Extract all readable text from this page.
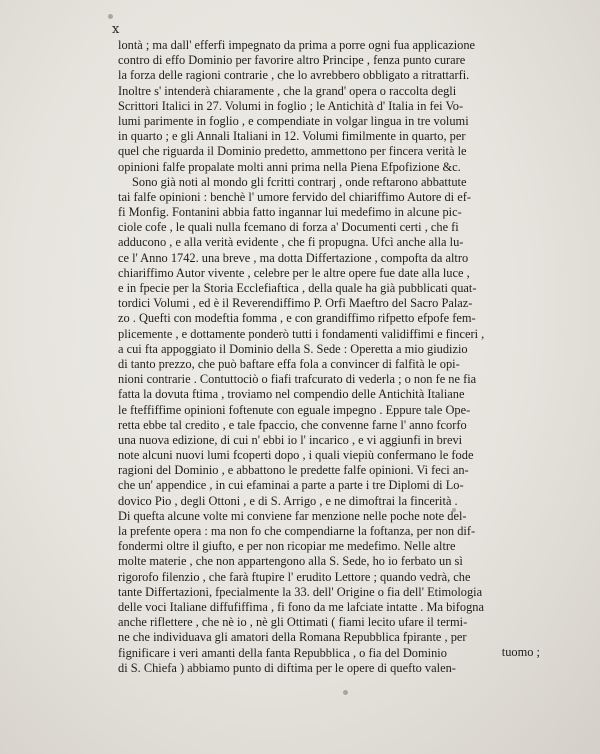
x
lontà ; ma dall' efferfi impegnato da prima a porre ogni fua applicazione
contro di effo Dominio per favorire altro Principe , fenza punto curare
la forza delle ragioni contrarie , che lo avrebbero obbligato a ritrattarfi.
Inoltre s' intenderà chiaramente , che la grand' opera o raccolta degli
Scrittori Italici in 27. Volumi in foglio ; le Antichità d' Italia in fei Vo-
lumi parimente in foglio , e compendiate in volgar lingua in tre volumi
in quarto ; e gli Annali Italiani in 12. Volumi fimilmente in quarto, per
quel che riguarda il Dominio predetto, ammettono per fincera verità le
opinioni falfe propalate molti anni prima nella Piena Efpofizione &c.
Sono già noti al mondo gli fcritti contrarj , onde reftarono abbattute
tai falfe opinioni : benchè l' umore fervido del chiariffimo Autore di ef-
fi Monfig. Fontanini abbia fatto ingannar lui medefimo in alcune pic-
ciole cofe , le quali nulla fcemano di forza a' Documenti certi , che fi
adducono , e alla verità evidente , che fi propugna. Ufcì anche alla lu-
ce l' Anno 1742. una breve , ma dotta Differtazione , compofta da altro
chiariffimo Autor vivente , celebre per le altre opere fue date alla luce ,
e in fpecie per la Storia Ecclefiaftica , della quale ha già pubblicati quat-
tordici Volumi , ed è il Reverendiffimo P. Orfi Maeftro del Sacro Palaz-
zo . Quefti con modeftia fomma , e con grandiffimo rifpetto efpofe fem-
plicemente , e dottamente ponderò tutti i fondamenti validiffimi e finceri ,
a cui fta appoggiato il Dominio della S. Sede : Operetta a mio giudizio
di tanto prezzo, che può baftare effa fola a convincer di falfità le opi-
nioni contrarie . Contuttociò o fiafi trafcurato di vederla ; o non fe ne fia
fatta la dovuta ftima , troviamo nel compendio delle Antichità Italiane
le fteffiffime opinioni foftenute con eguale impegno . Eppure tale Ope-
retta ebbe tal credito , e tale fpaccio, che convenne farne l' anno fcorfo
una nuova edizione, di cui n' ebbi io l' incarico , e vi aggiunfi in brevi
note alcuni nuovi lumi fcoperti dopo , i quali viepiù confermano le fode
ragioni del Dominio , e abbattono le predette falfe opinioni. Vi feci an-
che un' appendice , in cui efaminai a parte a parte i tre Diplomi di Lo-
dovico Pio , degli Ottoni , e di S. Arrigo , e ne dimoftrai la fincerità .
Di quefta alcune volte mi conviene far menzione nelle poche note del-
la prefente opera : ma non fo che compendiarne la foftanza, per non dif-
fondermi oltre il giufto, e per non ricopiar me medefimo. Nelle altre
molte materie , che non appartengono alla S. Sede, ho io ferbato un sì
rigorofo filenzio , che farà ftupire l' erudito Lettore ; quando vedrà, che
tante Differtazioni, fpecialmente la 33. dell' Origine o fia dell' Etimologia
delle voci Italiane diffufiffima , fi fono da me lafciate intatte . Ma bifogna
anche riflettere , che nè io , nè gli Ottimati ( fiami lecito ufare il termi-
ne che individuava gli amatori della Romana Repubblica fpirante , per
fignificare i veri amanti della fanta Repubblica , o fia del Dominio
di S. Chiefa ) abbiamo punto di diftima per le opere di quefto valen-
tuomo ;
